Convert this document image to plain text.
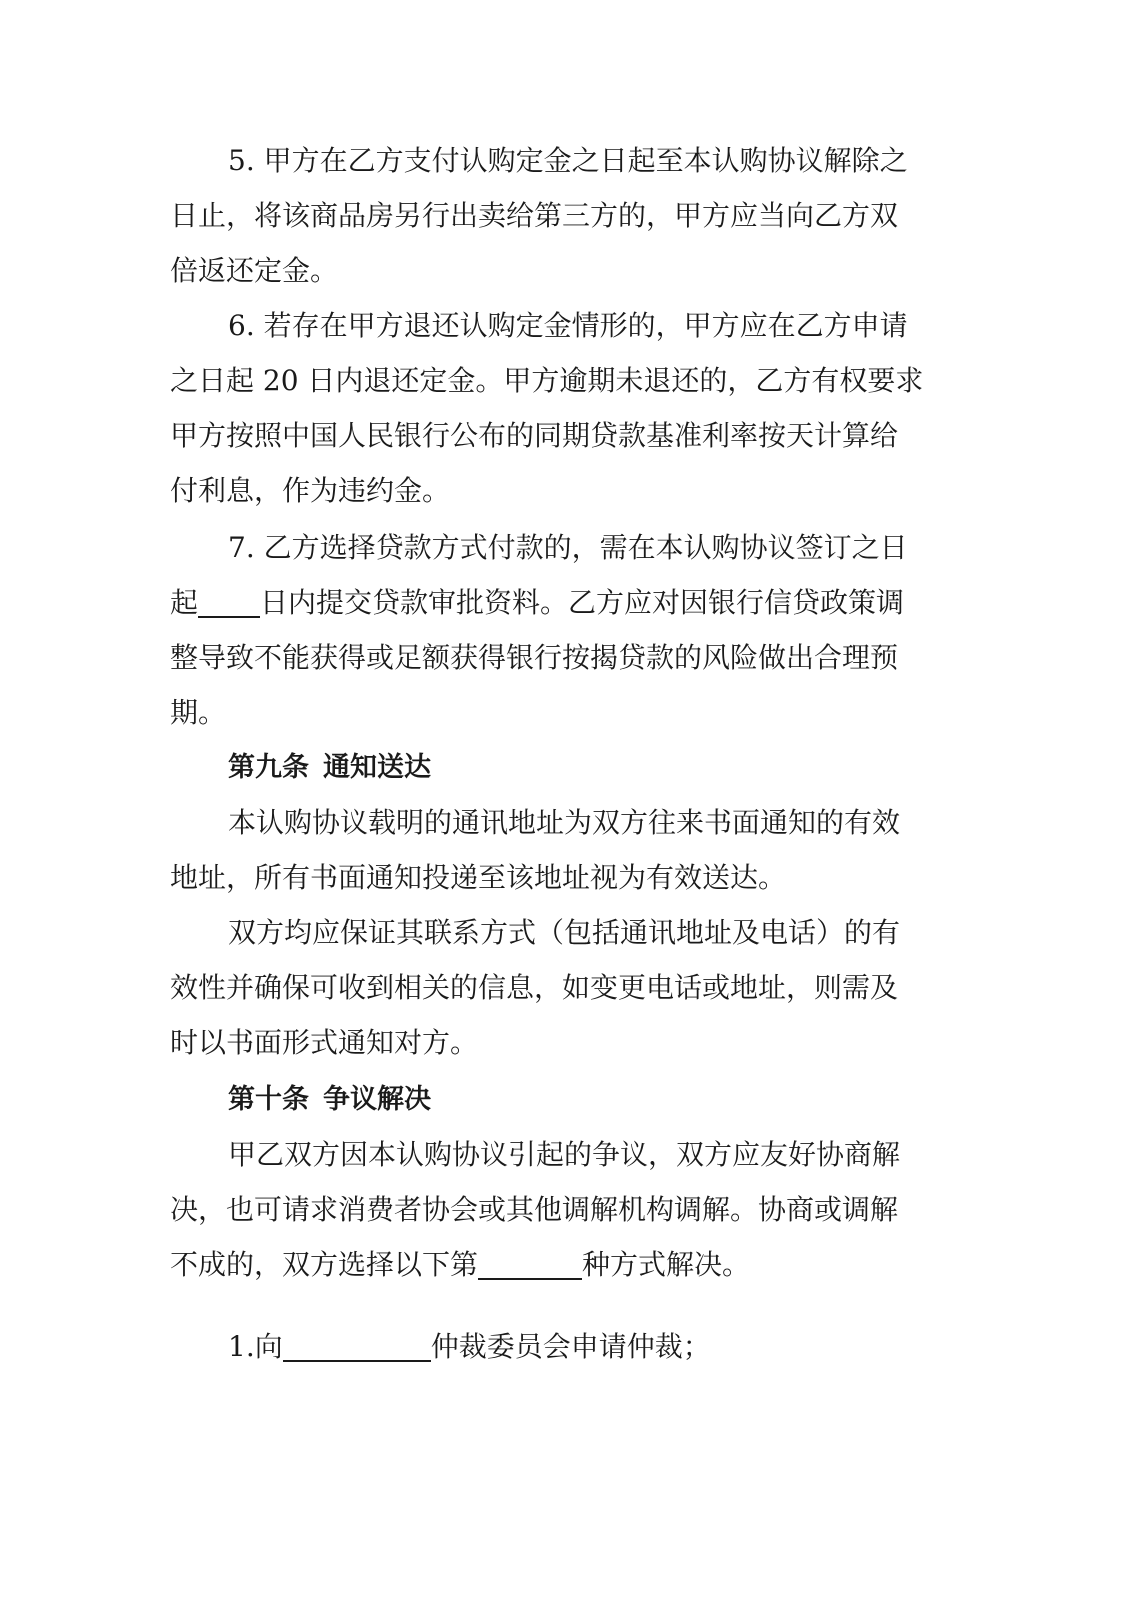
5. 甲方在乙方支付认购定金之日起至本认购协议解除之
日止，将该商品房另行出卖给第三方的，甲方应当向乙方双
倍返还定金。
6. 若存在甲方退还认购定金情形的，甲方应在乙方申请
之日起 20 日内退还定金。甲方逾期未退还的，乙方有权要求
甲方按照中国人民银行公布的同期贷款基准利率按天计算给
付利息，作为违约金。
7. 乙方选择贷款方式付款的，需在本认购协议签订之日
起 日内提交贷款审批资料。乙方应对因银行信贷政策调
整导致不能获得或足额获得银行按揭贷款的风险做出合理预
期。
第九条 通知送达
本认购协议载明的通讯地址为双方往来书面通知的有效
地址，所有书面通知投递至该地址视为有效送达。
双方均应保证其联系方式（包括通讯地址及电话）的有
效性并确保可收到相关的信息，如变更电话或地址，则需及
时以书面形式通知对方。
第十条 争议解决
甲乙双方因本认购协议引起的争议，双方应友好协商解
决，也可请求消费者协会或其他调解机构调解。协商或调解
不成的，双方选择以下第	种方式解决。
1.向	仲裁委员会申请仲裁；
